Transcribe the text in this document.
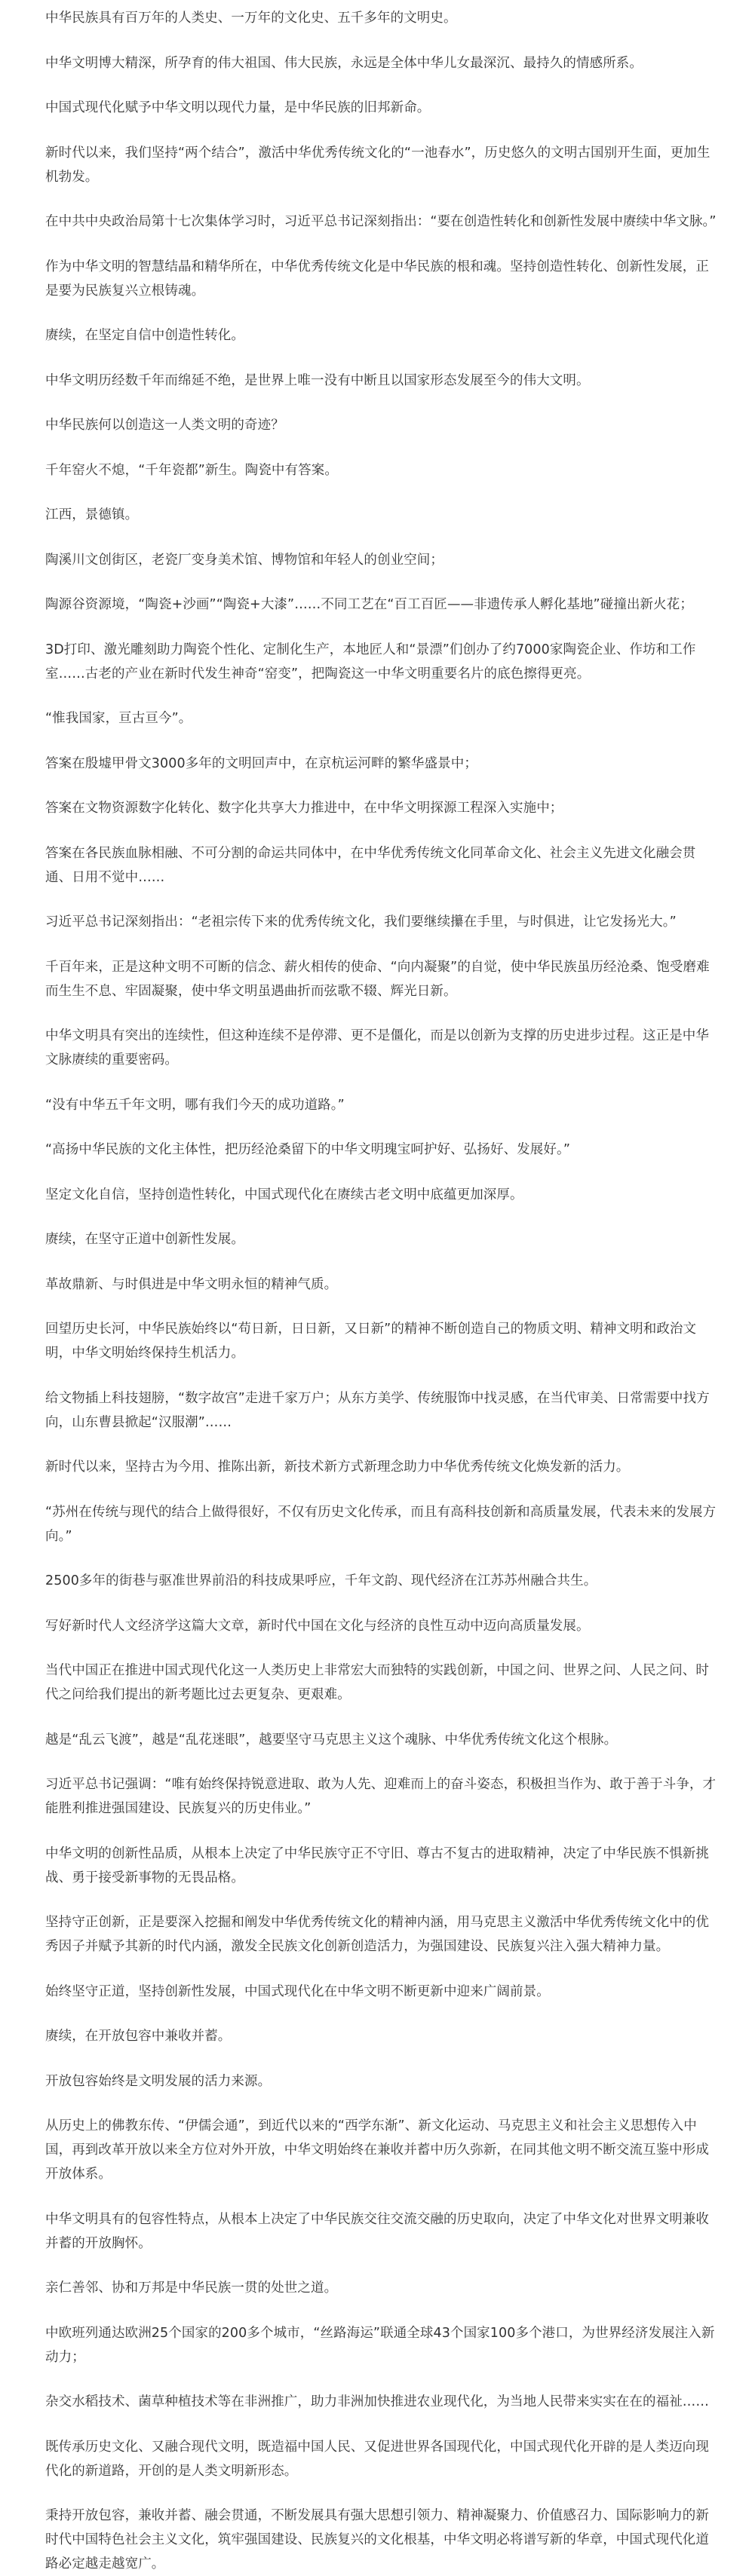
中华民族具有百万年的人类史、一万年的文化史、五千多年的文明史。

中华文明博大精深，所孕育的伟大祖国、伟大民族，永远是全体中华儿女最深沉、最持久的情感所系。

中国式现代化赋予中华文明以现代力量，是中华民族的旧邦新命。

新时代以来，我们坚持“两个结合”，激活中华优秀传统文化的“一池春水”，历史悠久的文明古国别开生面，更加生机勃发。

在中共中央政治局第十七次集体学习时，习近平总书记深刻指出：“要在创造性转化和创新性发展中赓续中华文脉。”

作为中华文明的智慧结晶和精华所在，中华优秀传统文化是中华民族的根和魂。坚持创造性转化、创新性发展，正是要为民族复兴立根铸魂。

赓续，在坚定自信中创造性转化。

中华文明历经数千年而绵延不绝，是世界上唯一没有中断且以国家形态发展至今的伟大文明。

中华民族何以创造这一人类文明的奇迹？

千年窑火不熄，“千年瓷都”新生。陶瓷中有答案。

江西，景德镇。

陶溪川文创街区，老瓷厂变身美术馆、博物馆和年轻人的创业空间；

陶源谷资源境，“陶瓷+沙画”“陶瓷+大漆”……不同工艺在“百工百匠——非遗传承人孵化基地”碰撞出新火花；

3D打印、激光雕刻助力陶瓷个性化、定制化生产，本地匠人和“景漂”们创办了约7000家陶瓷企业、作坊和工作室……古老的产业在新时代发生神奇“窑变”，把陶瓷这一中华文明重要名片的底色擦得更亮。

“惟我国家，亘古亘今”。

答案在殷墟甲骨文3000多年的文明回声中，在京杭运河畔的繁华盛景中；

答案在文物资源数字化转化、数字化共享大力推进中，在中华文明探源工程深入实施中；

答案在各民族血脉相融、不可分割的命运共同体中，在中华优秀传统文化同革命文化、社会主义先进文化融会贯通、日用不觉中……

习近平总书记深刻指出：“老祖宗传下来的优秀传统文化，我们要继续攥在手里，与时俱进，让它发扬光大。”

千百年来，正是这种文明不可断的信念、薪火相传的使命、“向内凝聚”的自觉，使中华民族虽历经沧桑、饱受磨难而生生不息、牢固凝聚，使中华文明虽遇曲折而弦歌不辍、辉光日新。

中华文明具有突出的连续性，但这种连续不是停滞、更不是僵化，而是以创新为支撑的历史进步过程。这正是中华文脉赓续的重要密码。

“没有中华五千年文明，哪有我们今天的成功道路。”

“高扬中华民族的文化主体性，把历经沧桑留下的中华文明瑰宝呵护好、弘扬好、发展好。”

坚定文化自信，坚持创造性转化，中国式现代化在赓续古老文明中底蕴更加深厚。

赓续，在坚守正道中创新性发展。

革故鼎新、与时俱进是中华文明永恒的精神气质。

回望历史长河，中华民族始终以“苟日新，日日新，又日新”的精神不断创造自己的物质文明、精神文明和政治文明，中华文明始终保持生机活力。

给文物插上科技翅膀，“数字故宫”走进千家万户；从东方美学、传统服饰中找灵感，在当代审美、日常需要中找方向，山东曹县掀起“汉服潮”……

新时代以来，坚持古为今用、推陈出新，新技术新方式新理念助力中华优秀传统文化焕发新的活力。

“苏州在传统与现代的结合上做得很好，不仅有历史文化传承，而且有高科技创新和高质量发展，代表未来的发展方向。”

2500多年的街巷与驱准世界前沿的科技成果呼应，千年文韵、现代经济在江苏苏州融合共生。

写好新时代人文经济学这篇大文章，新时代中国在文化与经济的良性互动中迈向高质量发展。

当代中国正在推进中国式现代化这一人类历史上非常宏大而独特的实践创新，中国之问、世界之问、人民之问、时代之问给我们提出的新考题比过去更复杂、更艰难。

越是“乱云飞渡”，越是“乱花迷眼”，越要坚守马克思主义这个魂脉、中华优秀传统文化这个根脉。

习近平总书记强调：“唯有始终保持锐意进取、敢为人先、迎难而上的奋斗姿态，积极担当作为、敢于善于斗争，才能胜利推进强国建设、民族复兴的历史伟业。”

中华文明的创新性品质，从根本上决定了中华民族守正不守旧、尊古不复古的进取精神，决定了中华民族不惧新挑战、勇于接受新事物的无畏品格。

坚持守正创新，正是要深入挖掘和阐发中华优秀传统文化的精神内涵，用马克思主义激活中华优秀传统文化中的优秀因子并赋予其新的时代内涵，激发全民族文化创新创造活力，为强国建设、民族复兴注入强大精神力量。

始终坚守正道，坚持创新性发展，中国式现代化在中华文明不断更新中迎来广阔前景。

赓续，在开放包容中兼收并蓄。

开放包容始终是文明发展的活力来源。

从历史上的佛教东传、“伊儒会通”，到近代以来的“西学东渐”、新文化运动、马克思主义和社会主义思想传入中国，再到改革开放以来全方位对外开放，中华文明始终在兼收并蓄中历久弥新，在同其他文明不断交流互鉴中形成开放体系。

中华文明具有的包容性特点，从根本上决定了中华民族交往交流交融的历史取向，决定了中华文化对世界文明兼收并蓄的开放胸怀。

亲仁善邻、协和万邦是中华民族一贯的处世之道。

中欧班列通达欧洲25个国家的200多个城市，“丝路海运”联通全球43个国家100多个港口，为世界经济发展注入新动力；

杂交水稻技术、菌草种植技术等在非洲推广，助力非洲加快推进农业现代化，为当地人民带来实实在在的福祉……

既传承历史文化、又融合现代文明，既造福中国人民、又促进世界各国现代化，中国式现代化开辟的是人类迈向现代化的新道路，开创的是人类文明新形态。

秉持开放包容，兼收并蓄、融会贯通，不断发展具有强大思想引领力、精神凝聚力、价值感召力、国际影响力的新时代中国特色社会主义文化，筑牢强国建设、民族复兴的文化根基，中华文明必将谱写新的华章，中国式现代化道路必定越走越宽广。
